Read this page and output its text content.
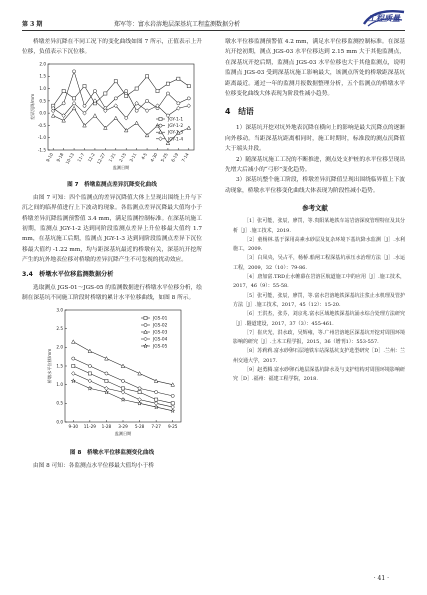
第 3 期	郑军等：富水岩溶地层深基坑工程监测数据分析
工程质量

桥墩差异沉降在不同工况下的变化曲线如图 7 所示，正值表示上升位移，负值表示下沉位移。

-1.5
-1.0
-0.5
0.0
0.5
1.0
1.5
2.0
9-10 9-18 10-13 11-7 12-2 12-27 1-21 2-15 3-11 4-5 4-30 5-25 6-19 7-14
差异沉降/mm
监测日期
JGY-1-1
JGY-1-2
JGY-1-3
JGY-1-4
图 7　桥墩监测点差异沉降变化曲线

由图 7 可知：四个监测点的差异沉降值大体上呈现出围绕上升与下沉之间的临界值进行上下波动的现象。各监测点差异沉降最大值均小于桥墩差异沉降监测预警值 3.4 mm，满足监测控制标准。在深基坑施工初期，监测点 JGY-1-2 达到同阶段监测点差异上升位移最大值约 1.7 mm，在基坑施工后期，监测点 JGY-1-3 达到同阶段监测点差异下沉位移最大值约 -1.22 mm，均与距深基坑最近的桥墩有关，深基坑开挖所产生的坑外地表位移对桥墩的差异沉降产生不可忽视的扰动效应。

3.4　桥墩水平位移监测数据分析

选取测点 JGS-01～JGS-05 的监测数据进行桥墩水平位移分析，绘制在深基坑不同施工阶段时桥墩的累计水平位移曲线，如图 8 所示。

0.0
0.5
1.0
1.5
2.0
2.5
3.0
9-30 11-29 1-28 3-29 5-28 7-27 9-25
桥墩水平位移/mm
监测日期
JGS-01
JGS-02
JGS-03
JGS-04
JGS-05
图 8　桥墩水平位移监测变化曲线

由图 8 可知：各监测点水平位移最大值均小于桥

墩水平位移监测预警值 4.2 mm，满足水平位移监测控制标准。在深基坑开挖初期，测点 JGS-03 水平位移达到 2.15 mm 大于其他监测点，在深基坑开挖后期，监测点 JGS-03 水平位移也大于其他监测点，说明监测点 JGS-03 受到深基坑施工影响最大，该测点所处的桥墩距深基坑距离最近。通过一年的监测月报数据整理分析，五个监测点的桥墩水平位移变化曲线大体表现为阶段性减小趋势。

4　结语

1）深基坑开挖对坑外地表沉降在横向上的影响是最大沉降点的逐渐向外移动。当距深基坑距离相同时，施工时期时，标准段的测点沉降值大于端头井段。

2）随深基坑施工工况的不断推进，测点处支护桩的水平位移呈现出先增大后减小的“弓形”变化趋势。

3）深基坑整个施工阶段，桥墩差异沉降值呈现出围绕临界值上下波动现象，桥墩水平位移变化曲线大体表现为阶段性减小趋势。

参考文献

［1］张可能，张辰，廖罚，等.贵阳某地铁车站岩溶深度管理特征及其分析［J］.施工技术，2019.

［2］童杨林.基于深用高素水砂层及复杂环境下基坑降水监测［J］.水利施工，2009.

［3］白凤央，吴占平，杨桥.船闸工程深基坑承压水治理方法［J］.水运工程，2009，32（10）：79-86.

［4］唐加富.TRD止水帷幕在岩溶区航道施工中的应用［J］.施工技术，2017，46（9）：55-58.

［5］张可能，张辰，廖罚，等.富水岩溶地铁深基坑注浆止水机理及管护方法［J］.施工技术，2017，45（12）：15-20.

［6］王洪杰，张芬，刘京兆.富水区域地铁深基坑涌水综合处理方法研究［J］.隧道建设，2017，37（3）：455-461.

［7］崔庆光，洪水政，吴辉雍，等.广州岩溶地区深基坑开挖对周围环境影响的研究［J］.土木工程学报，2015，36（增刊1）：553-557.

［8］苏莉莉.富水砂卵石层地铁车站深基坑支护选型研究［D］.兰州：兰州交通大学，2017.

［9］赵勇腾.富水砂卵石地层深基坑降水及与支护结构对周围环境影响研究［D］.福州：福建工程学院，2018.

· 41 ·
